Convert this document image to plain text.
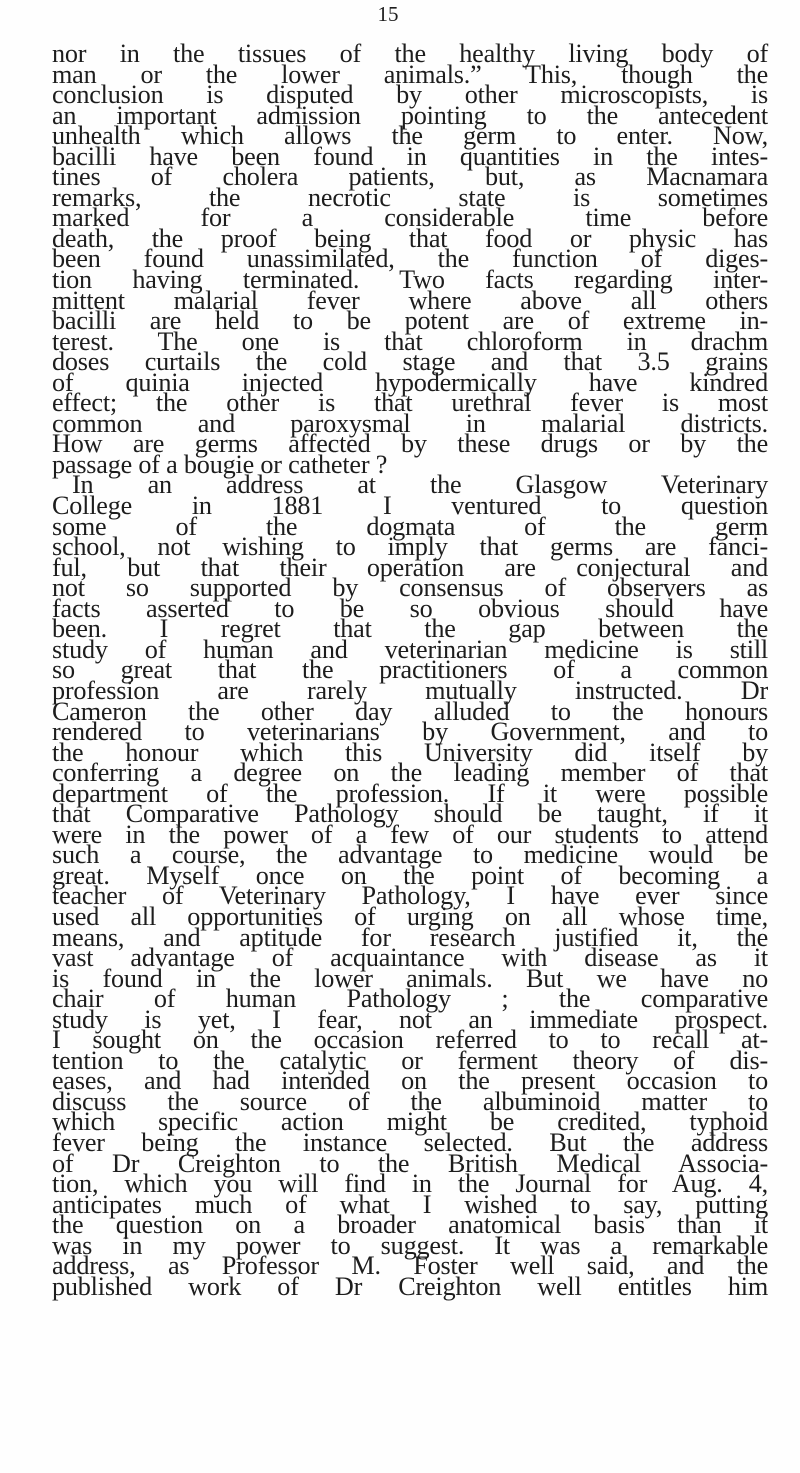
15
nor in the tissues of the healthy living body of
man or the lower animals.” This, though the
conclusion is disputed by other microscopists, is
an important admission pointing to the antecedent
unhealth which allows the germ to enter. Now,
bacilli have been found in quantities in the intes-
tines of cholera patients, but, as Macnamara
remarks, the necrotic state is sometimes
marked for a considerable time before
death, the proof being that food or physic has
been found unassimilated, the function of diges-
tion having terminated. Two facts regarding inter-
mittent malarial fever where above all others
bacilli are held to be potent are of extreme in-
terest. The one is that chloroform in drachm
doses curtails the cold stage and that 3.5 grains
of quinia injected hypodermically have kindred
effect; the other is that urethral fever is most
common and paroxysmal in malarial districts.
How are germs affected by these drugs or by the
passage of a bougie or catheter ?
In an address at the Glasgow Veterinary
College in 1881 I ventured to question
some of the dogmata of the germ
school, not wishing to imply that germs are fanci-
ful, but that their operation are conjectural and
not so supported by consensus of observers as
facts asserted to be so obvious should have
been. I regret that the gap between the
study of human and veterinarian medicine is still
so great that the practitioners of a common
profession are rarely mutually instructed. Dr
Cameron the other day alluded to the honours
rendered to veterinarians by Government, and to
the honour which this University did itself by
conferring a degree on the leading member of that
department of the profession. If it were possible
that Comparative Pathology should be taught, if it
were in the power of a few of our students to attend
such a course, the advantage to medicine would be
great. Myself once on the point of becoming a
teacher of Veterinary Pathology, I have ever since
used all opportunities of urging on all whose time,
means, and aptitude for research justified it, the
vast advantage of acquaintance with disease as it
is found in the lower animals. But we have no
chair of human Pathology ; the comparative
study is yet, I fear, not an immediate prospect.
I sought on the occasion referred to to recall at-
tention to the catalytic or ferment theory of dis-
eases, and had intended on the present occasion to
discuss the source of the albuminoid matter to
which specific action might be credited, typhoid
fever being the instance selected. But the address
of Dr Creighton to the British Medical Associa-
tion, which you will find in the Journal for Aug. 4,
anticipates much of what I wished to say, putting
the question on a broader anatomical basis than it
was in my power to suggest. It was a remarkable
address, as Professor M. Foster well said, and the
published work of Dr Creighton well entitles him
